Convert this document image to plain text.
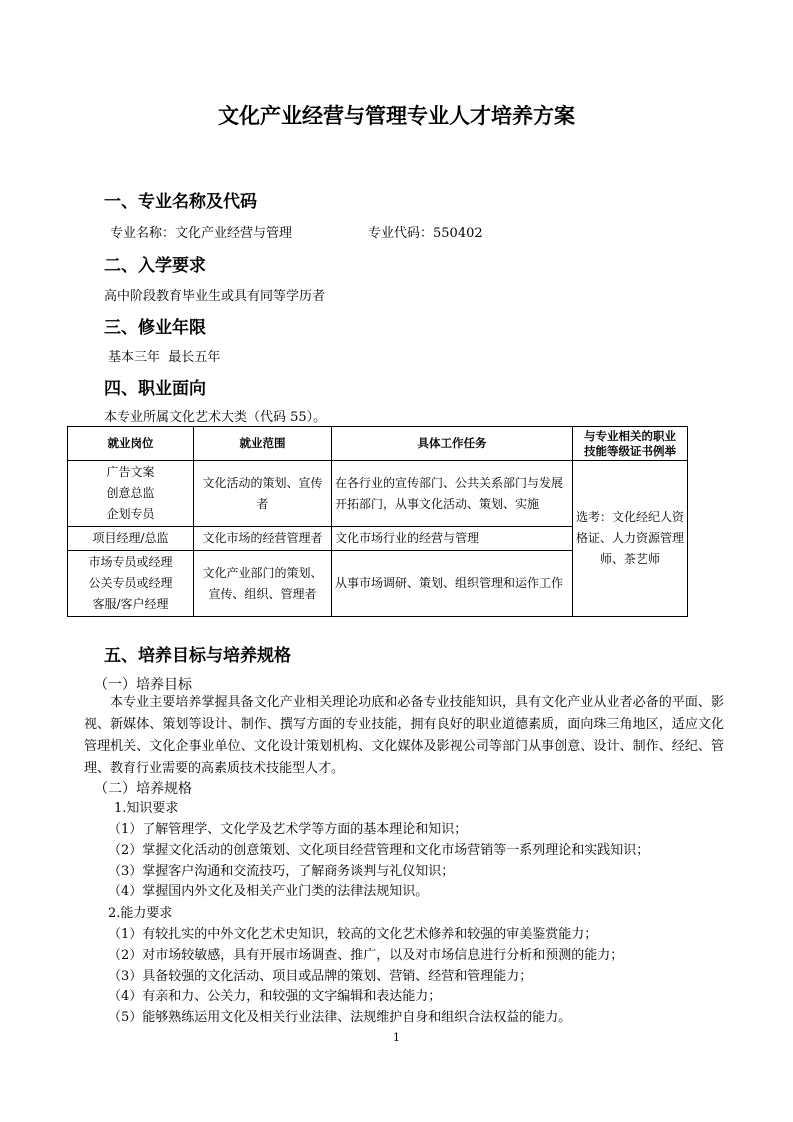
文化产业经营与管理专业人才培养方案
一、专业名称及代码
专业名称：文化产业经营与管理	专业代码：550402
二、入学要求
高中阶段教育毕业生或具有同等学历者
三、修业年限
基本三年  最长五年
四、职业面向
本专业所属文化艺术大类（代码 55）。
就业岗位	就业范围	具体工作任务	与专业相关的职业
技能等级证书例举

广告文案
创意总监
企划专员	文化活动的策划、宣传者	在各行业的宣传部门、公共关系部门与发展开拓部门，从事文化活动、策划、实施	选考：文化经纪人资格证、人力资源管理师、茶艺师
项目经理/总监	文化市场的经营管理者	文化市场行业的经营与管理	

市场专员或经理
公关专员或经理
客服/客户经理	文化产业部门的策划、宣传、组织、管理者	从事市场调研、策划、组织管理和运作工作	
五、培养目标与培养规格
（一）培养目标
本专业主要培养掌握具备文化产业相关理论功底和必备专业技能知识，具有文化产业从业者必备的平面、影视、新媒体、策划等设计、制作、撰写方面的专业技能，拥有良好的职业道德素质，面向珠三角地区，适应文化管理机关、文化企事业单位、文化设计策划机构、文化媒体及影视公司等部门从事创意、设计、制作、经纪、管理、教育行业需要的高素质技术技能型人才。
（二）培养规格
1.知识要求
（1）了解管理学、文化学及艺术学等方面的基本理论和知识；
（2）掌握文化活动的创意策划、文化项目经营管理和文化市场营销等一系列理论和实践知识；
（3）掌握客户沟通和交流技巧，了解商务谈判与礼仪知识；
（4）掌握国内外文化及相关产业门类的法律法规知识。
2.能力要求
（1）有较扎实的中外文化艺术史知识，较高的文化艺术修养和较强的审美鉴赏能力；
（2）对市场较敏感，具有开展市场调查、推广，以及对市场信息进行分析和预测的能力；
（3）具备较强的文化活动、项目或品牌的策划、营销、经营和管理能力；
（4）有亲和力、公关力，和较强的文字编辑和表达能力；
（5）能够熟练运用文化及相关行业法律、法规维护自身和组织合法权益的能力。
1
